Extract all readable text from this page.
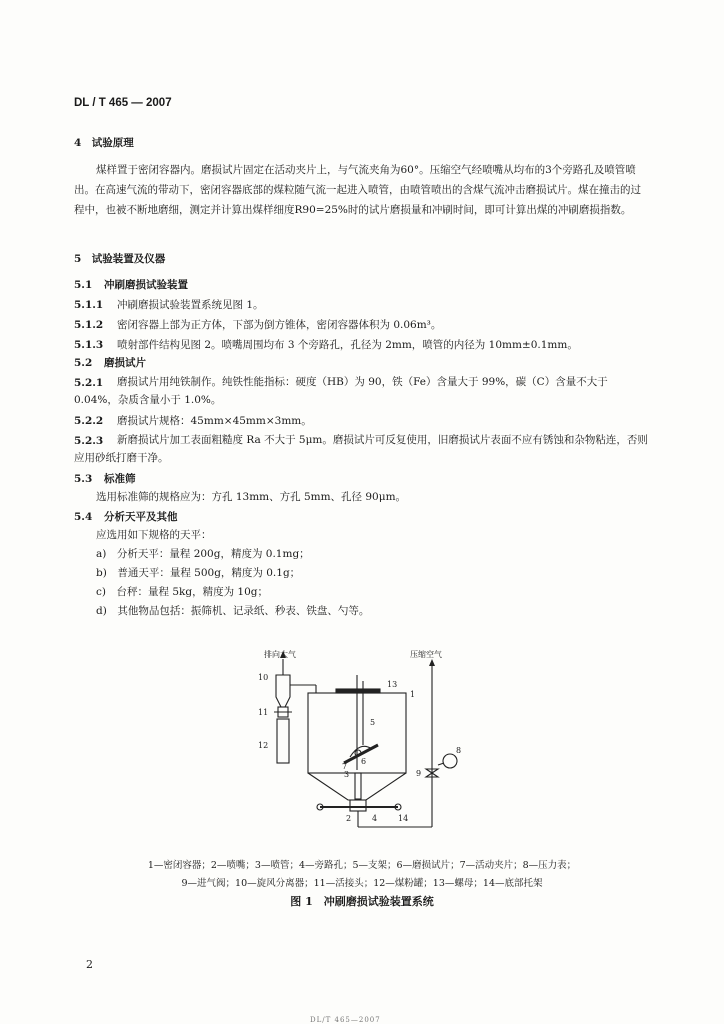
DL / T 465 — 2007
4　试验原理
煤样置于密闭容器内。磨损试片固定在活动夹片上，与气流夹角为60°。压缩空气经喷嘴从均布的3个旁路孔及喷管喷出。在高速气流的带动下，密闭容器底部的煤粒随气流一起进入喷管，由喷管喷出的含煤气流冲击磨损试片。煤在撞击的过程中，也被不断地磨细，测定并计算出煤样细度R90=25%时的试片磨损量和冲刷时间，即可计算出煤的冲刷磨损指数。
5　试验装置及仪器
5.1 冲刷磨损试验装置
5.1.1 冲刷磨损试验装置系统见图 1。
5.1.2 密闭容器上部为正方体，下部为倒方锥体，密闭容器体积为 0.06m³。
5.1.3 喷射部件结构见图 2。喷嘴周围均布 3 个旁路孔，孔径为 2mm，喷管的内径为 10mm±0.1mm。
5.2 磨损试片
5.2.1	磨损试片用纯铁制作。纯铁性能指标：硬度（HB）为 90，铁（Fe）含量大于 99%，碳（C）含量不大于 0.04%，杂质含量小于 1.0%。
5.2.2 磨损试片规格：45mm×45mm×3mm。
5.2.3	新磨损试片加工表面粗糙度 Ra 不大于 5μm。磨损试片可反复使用，旧磨损试片表面不应有锈蚀和杂物粘连，否则应用砂纸打磨干净。
5.3 标准筛
选用标准筛的规格应为：方孔 13mm、方孔 5mm、孔径 90μm。
5.4 分析天平及其他
应选用如下规格的天平：
a)　分析天平：量程 200g，精度为 0.1mg；
b)　普通天平：量程 500g，精度为 0.1g；
c)　台秤：量程 5kg，精度为 10g；
d)　其他物品包括：振筛机、记录纸、秒表、铁盘、勺等。
排向大气	压缩空气
10
11
12
13
1
5
6
3
7
8
9
2	4	14
1—密闭容器；2—喷嘴；3—喷管；4—旁路孔；5—支架；6—磨损试片；7—活动夹片；8—压力表；
9—进气阀；10—旋风分离器；11—活接头；12—煤粉罐；13—螺母；14—底部托架
图 1　冲刷磨损试验装置系统
2
DL/T 465—2007
